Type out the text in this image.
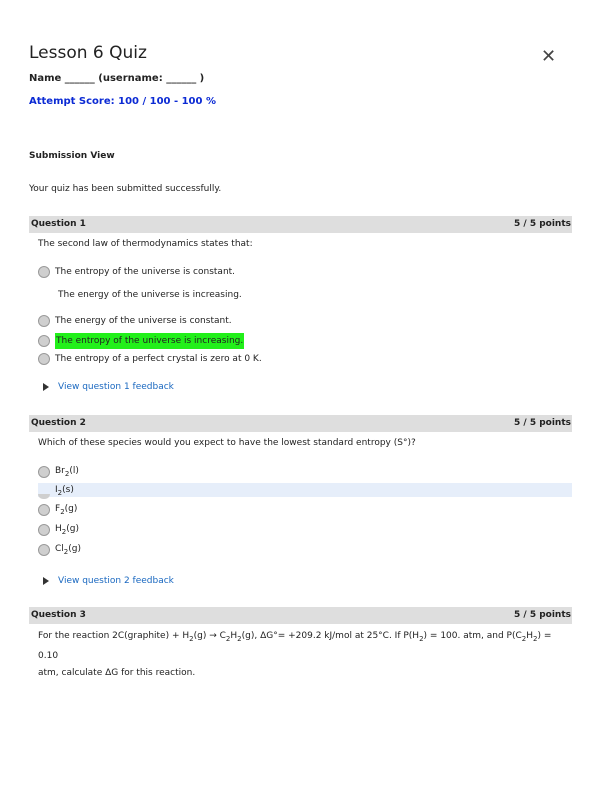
Lesson 6 Quiz	✕
Name ______ (username: ______ )
Attempt Score: 100 / 100 - 100 %
Submission View
Your quiz has been submitted successfully.
Question 1	5 / 5 points
The second law of thermodynamics states that:
The entropy of the universe is constant.
The energy of the universe is increasing.
The energy of the universe is constant.
The entropy of the universe is increasing.
The entropy of a perfect crystal is zero at 0 K.
View question 1 feedback
Question 2	5 / 5 points
Which of these species would you expect to have the lowest standard entropy (S°)?
$Br_2(l)$
$I_2(s)$
$F_2(g)$
$H_2(g)$
$Cl_2(g)$
View question 2 feedback
Question 3	5 / 5 points
For the reaction 2C(graphite) + $H_2(g) \to C_2H_2(g)$, ΔG°= +209.2 kJ/mol at 25°C. If $P(H_2) = 100$. atm, and $P(C_2H_2) = 0.10$
atm, calculate ΔG for this reaction.
